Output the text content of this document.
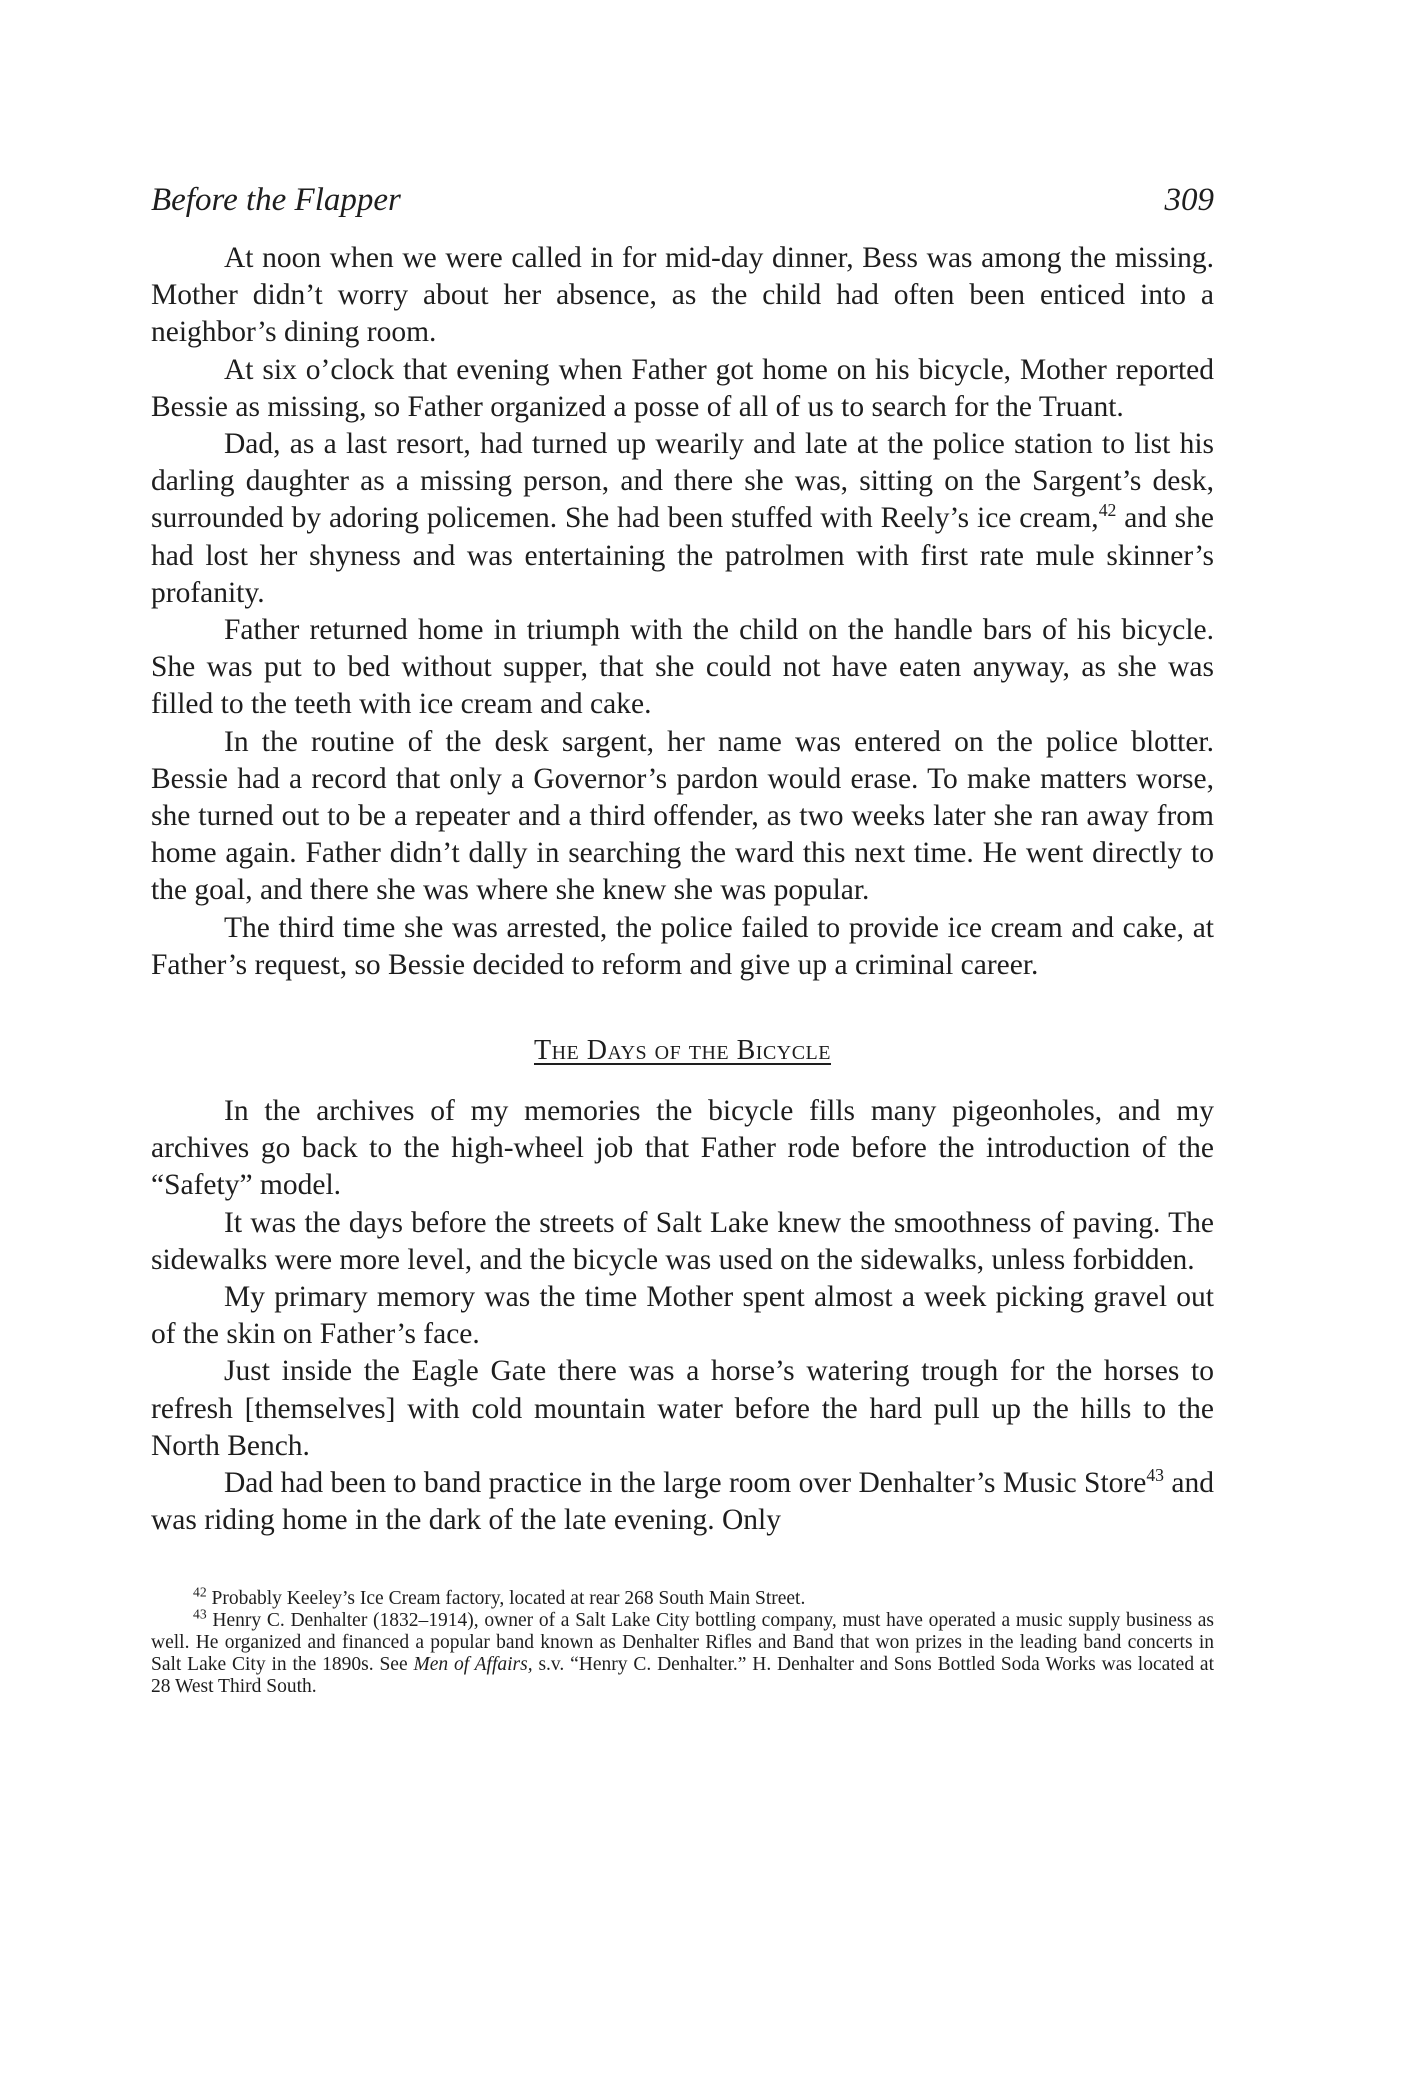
Before the Flapper	309

At noon when we were called in for mid-day dinner, Bess was among the missing. Mother didn’t worry about her absence, as the child had often been enticed into a neighbor’s dining room.

At six o’clock that evening when Father got home on his bicycle, Mother reported Bessie as missing, so Father organized a posse of all of us to search for the Truant.

Dad, as a last resort, had turned up wearily and late at the police station to list his darling daughter as a missing person, and there she was, sitting on the Sargent’s desk, surrounded by adoring policemen. She had been stuffed with Reely’s ice cream,$^{42}$ and she had lost her shyness and was entertaining the patrolmen with first rate mule skinner’s profanity.

Father returned home in triumph with the child on the handle bars of his bicycle. She was put to bed without supper, that she could not have eaten anyway, as she was filled to the teeth with ice cream and cake.

In the routine of the desk sargent, her name was entered on the police blotter. Bessie had a record that only a Governor’s pardon would erase. To make matters worse, she turned out to be a repeater and a third offender, as two weeks later she ran away from home again. Father didn’t dally in searching the ward this next time. He went directly to the goal, and there she was where she knew she was popular.

The third time she was arrested, the police failed to provide ice cream and cake, at Father’s request, so Bessie decided to reform and give up a criminal career.

The Days of the Bicycle

In the archives of my memories the bicycle fills many pigeonholes, and my archives go back to the high-wheel job that Father rode before the introduction of the “Safety” model.

It was the days before the streets of Salt Lake knew the smoothness of paving. The sidewalks were more level, and the bicycle was used on the sidewalks, unless forbidden.

My primary memory was the time Mother spent almost a week picking gravel out of the skin on Father’s face.

Just inside the Eagle Gate there was a horse’s watering trough for the horses to refresh [themselves] with cold mountain water before the hard pull up the hills to the North Bench.

Dad had been to band practice in the large room over Denhalter’s Music Store$^{43}$ and was riding home in the dark of the late evening. Only

$^{42}$ Probably Keeley’s Ice Cream factory, located at rear 268 South Main Street.

$^{43}$ Henry C. Denhalter (1832–1914), owner of a Salt Lake City bottling company, must have operated a music supply business as well. He organized and financed a popular band known as Denhalter Rifles and Band that won prizes in the leading band concerts in Salt Lake City in the 1890s. See Men of Affairs, s.v. “Henry C. Denhalter.” H. Denhalter and Sons Bottled Soda Works was located at 28 West Third South.
